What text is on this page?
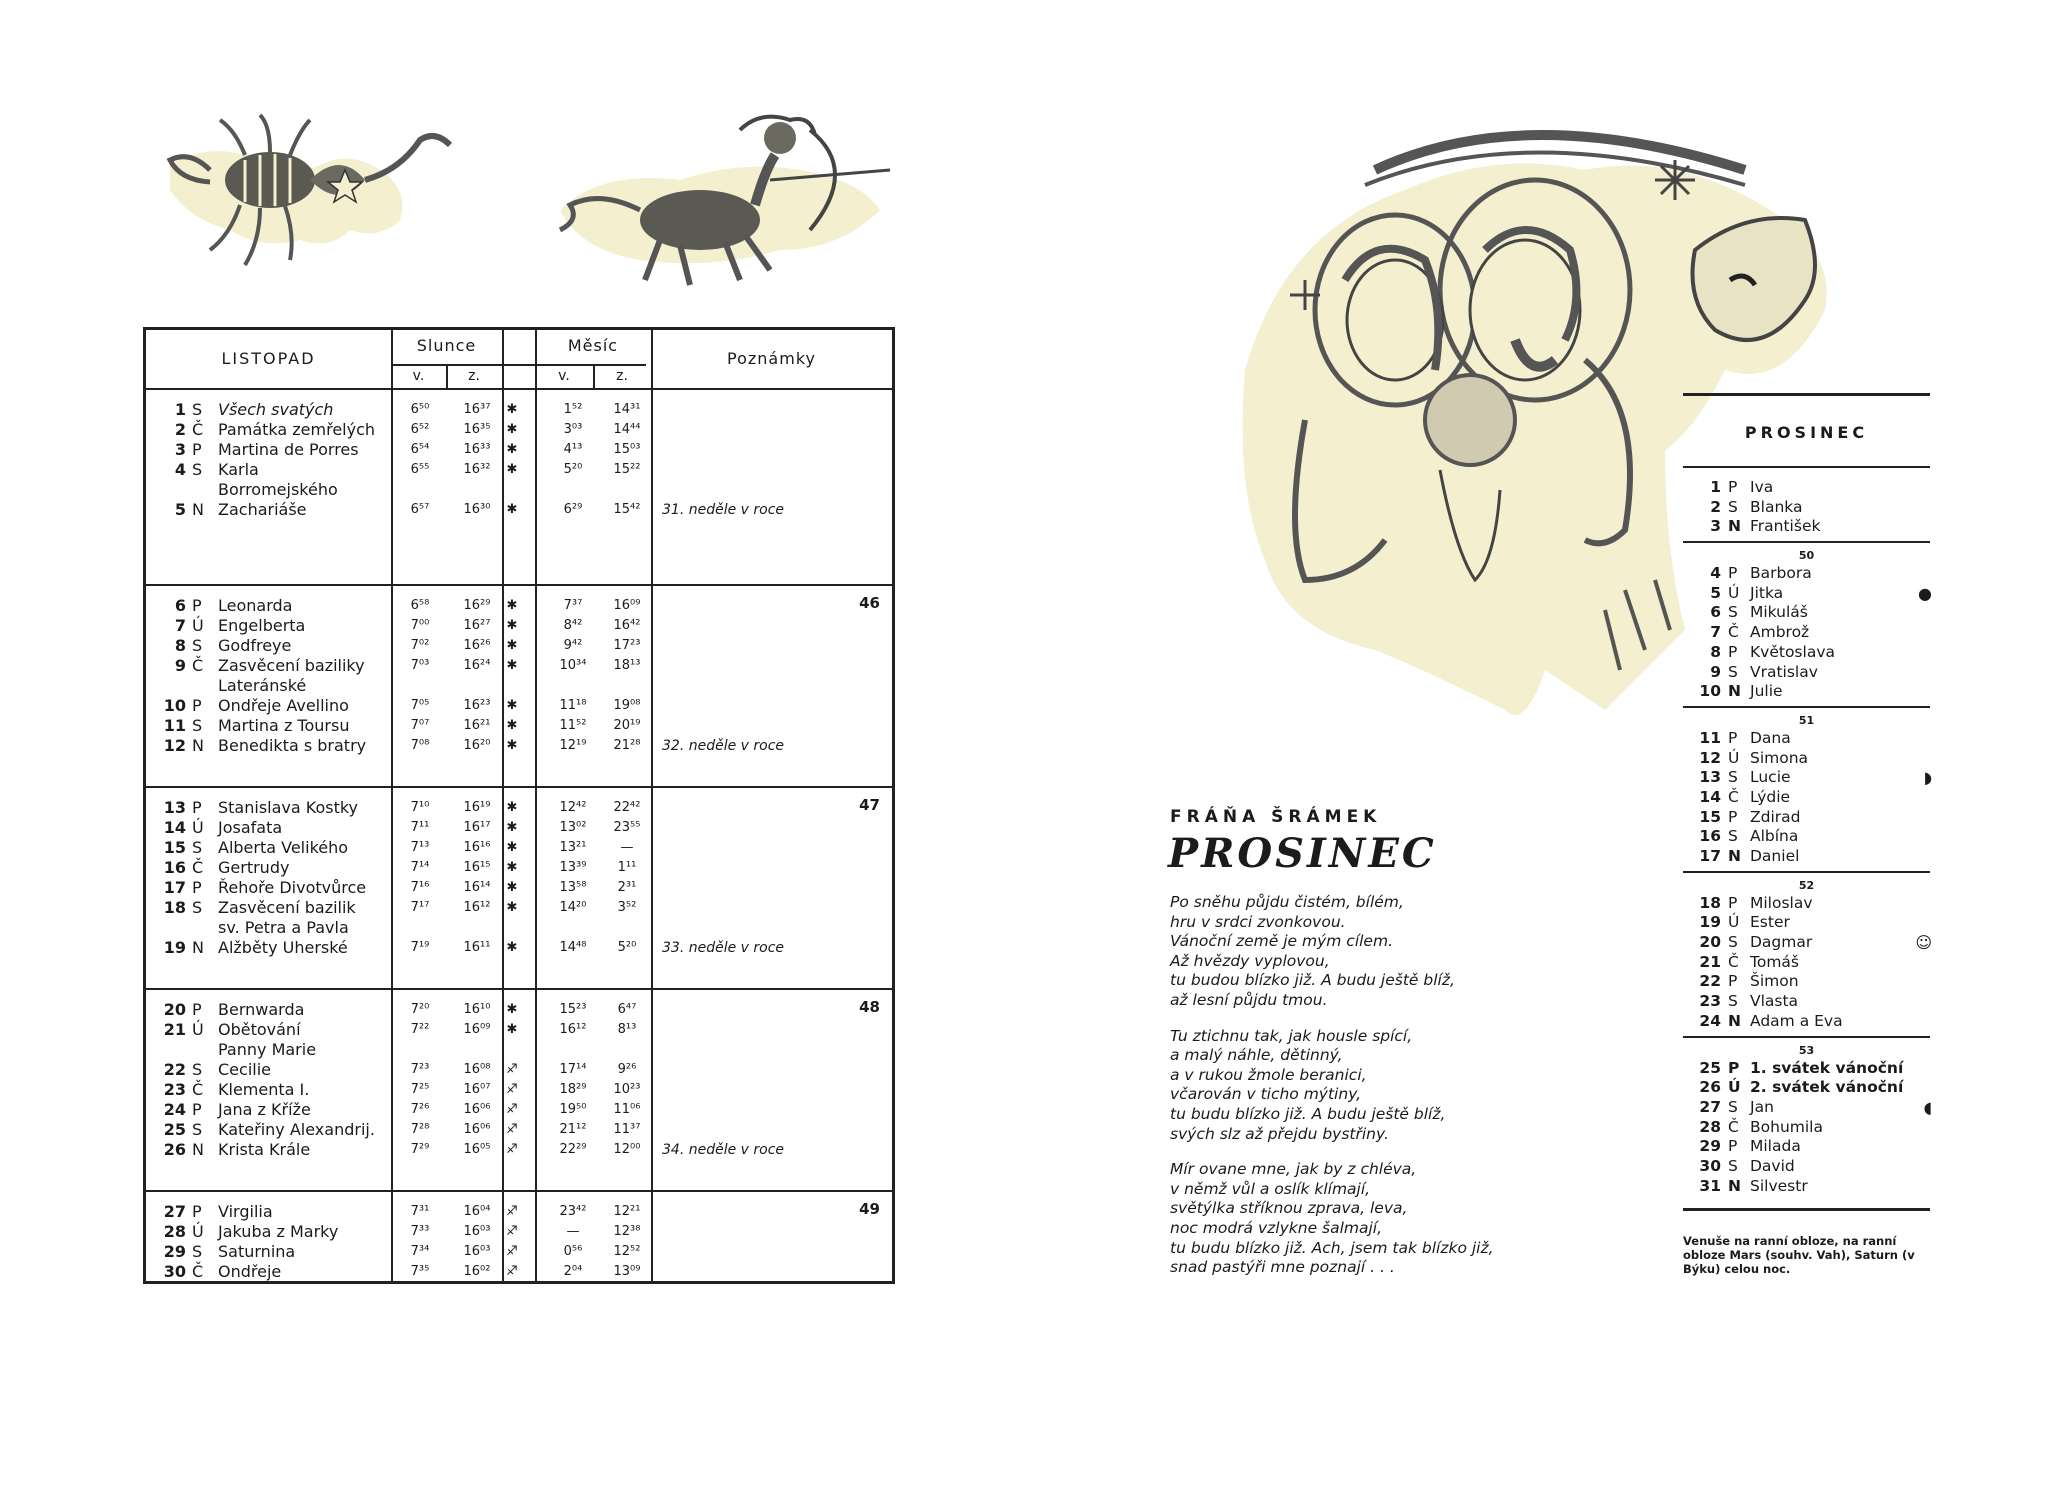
LISTOPAD
Slunce	Měsíc
Poznámky
v.	z.	v.	z.
1 S Všech svatých	6⁵⁰	16³⁷	✱	1⁵²	14³¹
2 Č Památka zemřelých	6⁵²	16³⁵	✱	3⁰³	14⁴⁴
3 P	Martina de Porres	6⁵⁴	16³³	✱	4¹³	15⁰³
4 S Karla	6⁵⁵	16³²	✱	5²⁰	15²²
Borromejského
5 N Zachariáše	6⁵⁷	16³⁰	✱	6²⁹	15⁴²	31. neděle v roce
46
6 P	Leonarda	6⁵⁸	16²⁹	✱	7³⁷	16⁰⁹
7 Ú Engelberta	7⁰⁰	16²⁷	✱	8⁴²	16⁴²
8 S Godfreye	7⁰²	16²⁶	✱	9⁴²	17²³
9 Č Zasvěcení baziliky	7⁰³	16²⁴	✱	10³⁴	18¹³
Lateránské
10 P	Ondřeje Avellino	7⁰⁵	16²³	✱	11¹⁸	19⁰⁸
11 S Martina z Toursu	7⁰⁷	16²¹	✱	11⁵²	20¹⁹
12 N Benedikta s bratry	7⁰⁸	16²⁰	✱	12¹⁹	21²⁸	32. neděle v roce
47
13 P	Stanislava Kostky	7¹⁰	16¹⁹	✱	12⁴²	22⁴²
14 Ú Josafata	7¹¹	16¹⁷	✱	13⁰²	23⁵⁵
15 S Alberta Velikého	7¹³	16¹⁶	✱	13²¹	—
16 Č Gertrudy	7¹⁴	16¹⁵	✱	13³⁹	1¹¹
17 P	Řehoře Divotvůrce	7¹⁶	16¹⁴	✱	13⁵⁸	2³¹
18 S Zasvěcení bazilik	7¹⁷	16¹²	✱	14²⁰	3⁵²
sv. Petra a Pavla
19 N Alžběty Uherské	7¹⁹	16¹¹	✱	14⁴⁸	5²⁰	33. neděle v roce
48
20 P	Bernwarda	7²⁰	16¹⁰	✱	15²³	6⁴⁷
21 Ú Obětování	7²²	16⁰⁹	✱	16¹²	8¹³
Panny Marie
22 S Cecilie	7²³	16⁰⁸	♐	17¹⁴	9²⁶
23 Č Klementa I.	7²⁵	16⁰⁷	♐	18²⁹	10²³
24 P	Jana z Kříže	7²⁶	16⁰⁶	♐	19⁵⁰	11⁰⁶
25 S Kateřiny Alexandrij.	7²⁸	16⁰⁶	♐	21¹²	11³⁷
26 N Krista Krále	7²⁹	16⁰⁵	♐	22²⁹	12⁰⁰	34. neděle v roce
49
27 P	Virgilia	7³¹	16⁰⁴	♐	23⁴²	12²¹
28 Ú Jakuba z Marky	7³³	16⁰³	♐	—	12³⁸
29 S Saturnina	7³⁴	16⁰³	♐	0⁵⁶	12⁵²
30 Č Ondřeje	7³⁵	16⁰²	♐	2⁰⁴	13⁰⁹
FRÁŇA ŠRÁMEK
PROSINEC
Po sněhu půjdu čistém, bílém,
hru v srdci zvonkovou.
Vánoční země je mým cílem.
Až hvězdy vyplovou,
tu budou blízko již. A budu ještě blíž,
až lesní půjdu tmou.
Tu ztichnu tak, jak housle spící,
a malý náhle, dětinný,
a v rukou žmole beranici,
včarován v ticho mýtiny,
tu budu blízko již. A budu ještě blíž,
svých slz až přejdu bystřiny.
Mír ovane mne, jak by z chléva,
v němž vůl a oslík klímají,
světýlka stříknou zprava, leva,
noc modrá vzlykne šalmají,
tu budu blízko již. Ach, jsem tak blízko již,
snad pastýři mne poznají . . .
PROSINEC
1 P Iva
2 S Blanka
3 N František
50
4 P Barbora
5 Ú Jitka	●
6 S Mikuláš
7 Č Ambrož
8 P Květoslava
9 S Vratislav
10 N Julie
51
11 P Dana
12 Ú Simona
13 S Lucie	◗
14 Č Lýdie
15 P Zdirad
16 S Albína
17 N Daniel
52
18 P Miloslav
19 Ú Ester
20 S Dagmar	☺
21 Č Tomáš
22 P Šimon
23 S Vlasta
24 N Adam a Eva
53
25 P 1. svátek vánoční
26 Ú 2. svátek vánoční
27 S Jan	◖
28 Č Bohumila
29 P Milada
30 S David
31 N Silvestr
Venuše na ranní obloze, na ranní obloze Mars (souhv. Vah), Saturn (v Býku) celou noc.
